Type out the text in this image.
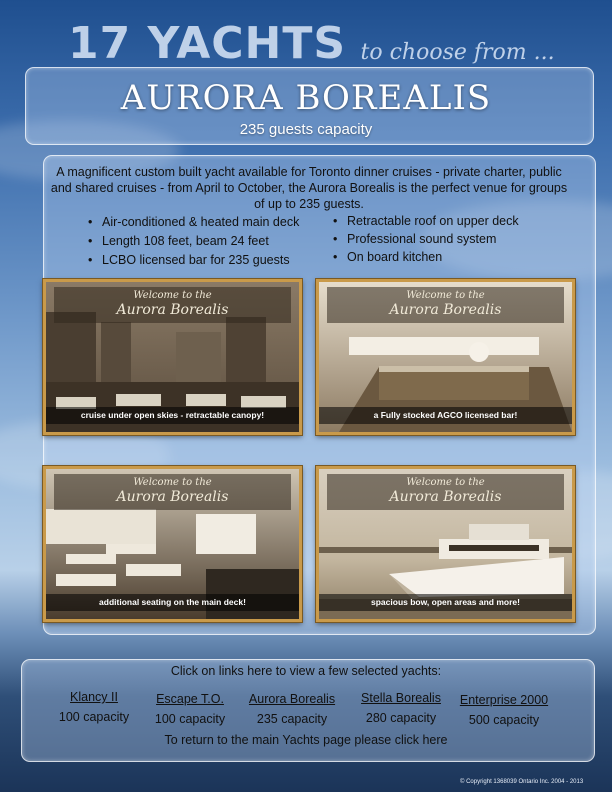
17 YACHTS to choose from ...
AURORA BOREALIS
235 guests capacity
A magnificent custom built yacht available for Toronto dinner cruises - private charter, public and shared cruises - from April to October, the Aurora Borealis is the perfect venue for groups of up to 235 guests.
• Air-conditioned & heated main deck
• Length 108 feet, beam 24 feet
• LCBO licensed bar for 235 guests
• Retractable roof on upper deck
• Professional sound system
• On board kitchen
Welcome to the
Aurora Borealis
cruise under open skies - retractable canopy!
Welcome to the
Aurora Borealis
a Fully stocked AGCO licensed bar!
Welcome to the
Aurora Borealis
additional seating on the main deck!
Welcome to the
Aurora Borealis
spacious bow, open areas and more!
Click on links here to view a few selected yachts:
Klancy II
100 capacity
Escape T.O.
100 capacity
Aurora Borealis
235 capacity
Stella Borealis
280 capacity
Enterprise 2000
500 capacity
To return to the main Yachts page please click here
© Copyright 1368039 Ontario Inc. 2004 - 2013
